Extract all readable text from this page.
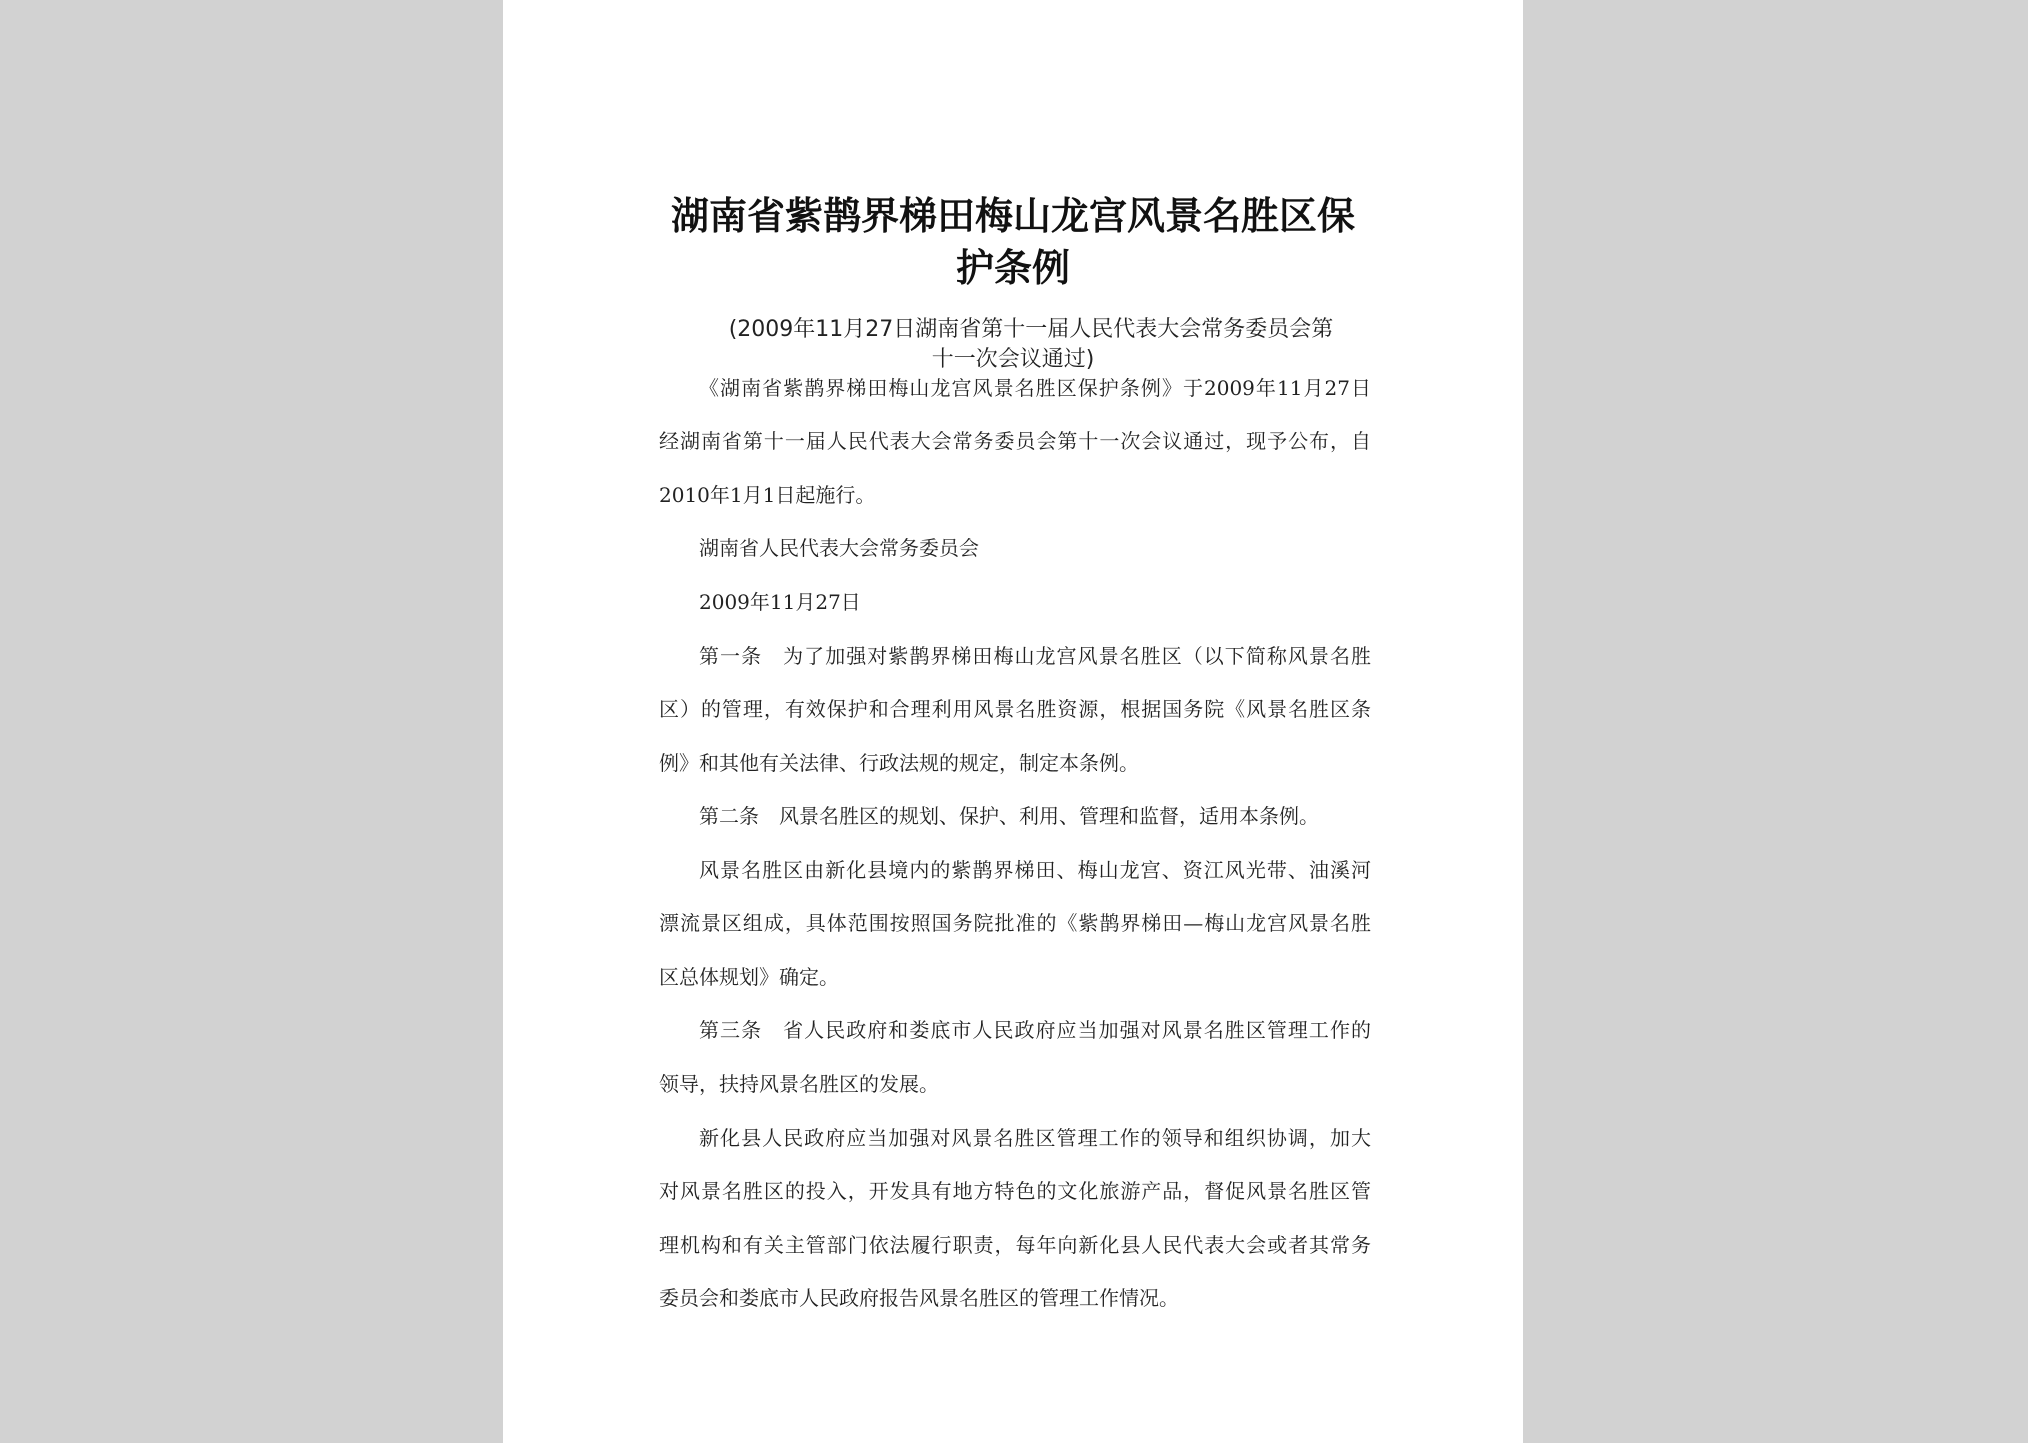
湖南省紫鹊界梯田梅山龙宫风景名胜区保
护条例
(2009年11月27日湖南省第十一届人民代表大会常务委员会第
十一次会议通过)
《湖南省紫鹊界梯田梅山龙宫风景名胜区保护条例》于2009年11月27日
经湖南省第十一届人民代表大会常务委员会第十一次会议通过，现予公布，自
2010年1月1日起施行。
湖南省人民代表大会常务委员会
2009年11月27日
第一条　为了加强对紫鹊界梯田梅山龙宫风景名胜区（以下简称风景名胜
区）的管理，有效保护和合理利用风景名胜资源，根据国务院《风景名胜区条
例》和其他有关法律、行政法规的规定，制定本条例。
第二条　风景名胜区的规划、保护、利用、管理和监督，适用本条例。
风景名胜区由新化县境内的紫鹊界梯田、梅山龙宫、资江风光带、油溪河
漂流景区组成，具体范围按照国务院批准的《紫鹊界梯田—梅山龙宫风景名胜
区总体规划》确定。
第三条　省人民政府和娄底市人民政府应当加强对风景名胜区管理工作的
领导，扶持风景名胜区的发展。
新化县人民政府应当加强对风景名胜区管理工作的领导和组织协调，加大
对风景名胜区的投入，开发具有地方特色的文化旅游产品，督促风景名胜区管
理机构和有关主管部门依法履行职责，每年向新化县人民代表大会或者其常务
委员会和娄底市人民政府报告风景名胜区的管理工作情况。
